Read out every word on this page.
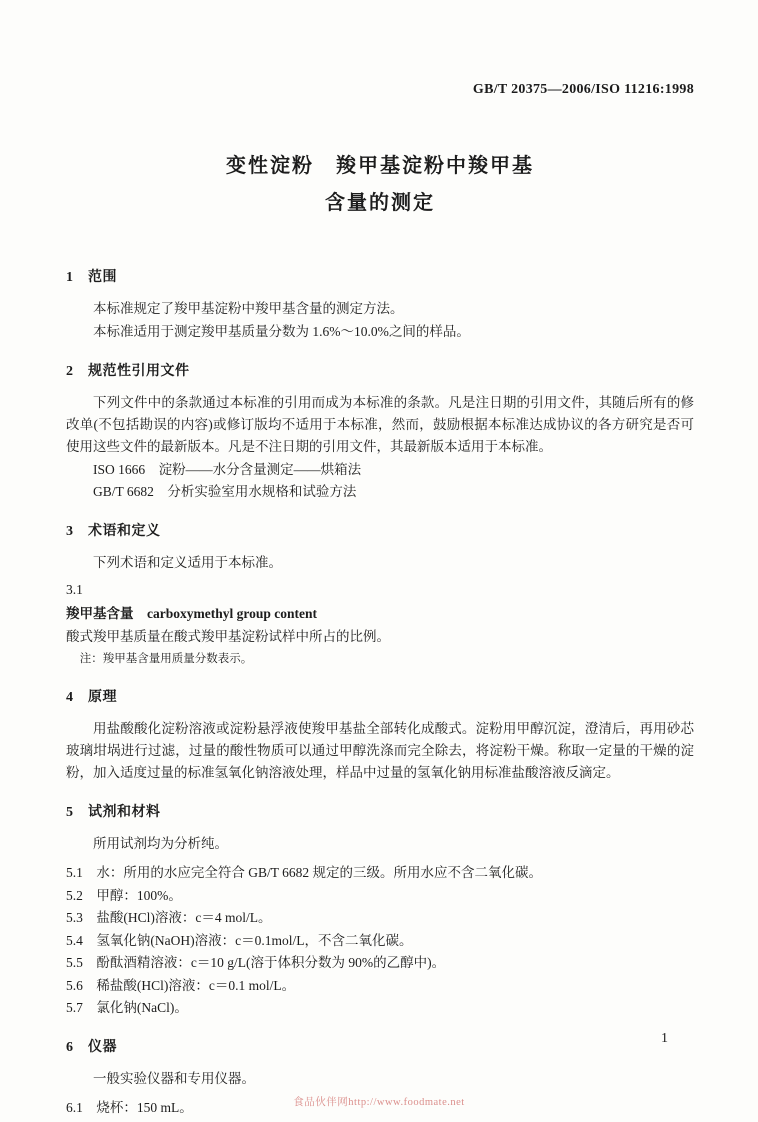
GB/T 20375—2006/ISO 11216:1998
变性淀粉　羧甲基淀粉中羧甲基
含量的测定
1　范围

本标准规定了羧甲基淀粉中羧甲基含量的测定方法。

本标准适用于测定羧甲基质量分数为 1.6%～10.0%之间的样品。

2　规范性引用文件

下列文件中的条款通过本标准的引用而成为本标准的条款。凡是注日期的引用文件，其随后所有的修改单(不包括勘误的内容)或修订版均不适用于本标准，然而，鼓励根据本标准达成协议的各方研究是否可使用这些文件的最新版本。凡是不注日期的引用文件，其最新版本适用于本标准。

ISO 1666　淀粉——水分含量测定——烘箱法
GB/T 6682　分析实验室用水规格和试验方法
3　术语和定义

下列术语和定义适用于本标准。

3.1
羧甲基含量　carboxymethyl group content

酸式羧甲基质量在酸式羧甲基淀粉试样中所占的比例。

注：羧甲基含量用质量分数表示。
4　原理

用盐酸酸化淀粉溶液或淀粉悬浮液使羧甲基盐全部转化成酸式。淀粉用甲醇沉淀，澄清后，再用砂芯玻璃坩埚进行过滤，过量的酸性物质可以通过甲醇洗涤而完全除去，将淀粉干燥。称取一定量的干燥的淀粉，加入适度过量的标准氢氧化钠溶液处理，样品中过量的氢氧化钠用标准盐酸溶液反滴定。

5　试剂和材料

所用试剂均为分析纯。

5.1　水：所用的水应完全符合 GB/T 6682 规定的三级。所用水应不含二氧化碳。
5.2　甲醇：100%。
5.3　盐酸(HCl)溶液：c＝4 mol/L。
5.4　氢氧化钠(NaOH)溶液：c＝0.1mol/L，不含二氧化碳。
5.5　酚酞酒精溶液：c＝10 g/L(溶于体积分数为 90%的乙醇中)。
5.6　稀盐酸(HCl)溶液：c＝0.1 mol/L。
5.7　氯化钠(NaCl)。
6　仪器

一般实验仪器和专用仪器。

6.1　烧杯：150 mL。
1
食品伙伴网http://www.foodmate.net
